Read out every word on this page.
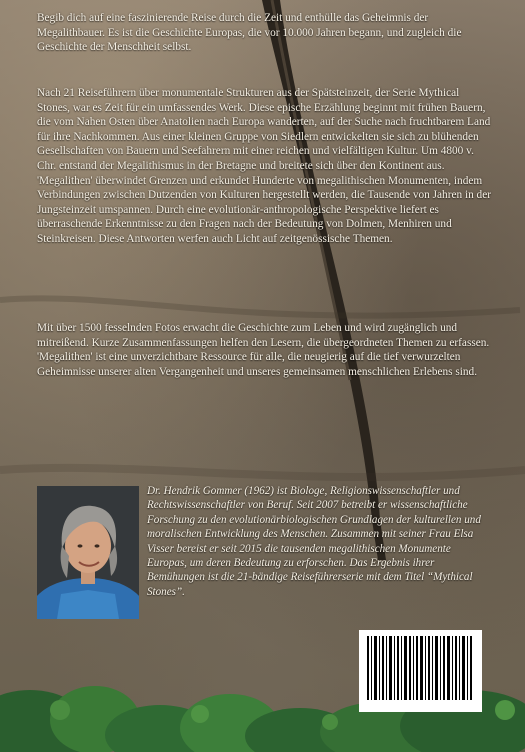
Begib dich auf eine faszinierende Reise durch die Zeit und enthülle das Geheimnis der Megalithbauer. Es ist die Geschichte Europas, die vor 10.000 Jahren begann, und zugleich die Geschichte der Menschheit selbst.

Nach 21 Reiseführern über monumentale Strukturen aus der Spätsteinzeit, der Serie Mythical Stones, war es Zeit für ein umfassendes Werk. Diese epische Erzählung beginnt mit frühen Bauern, die vom Nahen Osten über Anatolien nach Europa wanderten, auf der Suche nach fruchtbarem Land für ihre Nachkommen. Aus einer kleinen Gruppe von Siedlern entwickelten sie sich zu blühenden Gesellschaften von Bauern und Seefahrern mit einer reichen und vielfältigen Kultur. Um 4800 v. Chr. entstand der Megalithismus in der Bretagne und breitete sich über den Kontinent aus.

'Megalithen' überwindet Grenzen und erkundet Hunderte von megalithischen Monumenten, indem Verbindungen zwischen Dutzenden von Kulturen hergestellt werden, die Tausende von Jahren in der Jungsteinzeit umspannen. Durch eine evolutionär-anthropologische Perspektive liefert es überraschende Erkenntnisse zu den Fragen nach der Bedeutung von Dolmen, Menhiren und Steinkreisen. Diese Antworten werfen auch Licht auf zeitgenössische Themen.

Mit über 1500 fesselnden Fotos erwacht die Geschichte zum Leben und wird zugänglich und mitreißend. Kurze Zusammenfassungen helfen den Lesern, die übergeordneten Themen zu erfassen. 'Megalithen' ist eine unverzichtbare Ressource für alle, die neugierig auf die tief verwurzelten Geheimnisse unserer alten Vergangenheit und unseres gemeinsamen menschlichen Erlebens sind.

Dr. Hendrik Gommer (1962) ist Biologe, Religionswissenschaftler und Rechtswissenschaftler von Beruf. Seit 2007 betreibt er wissenschaftliche Forschung zu den evolutionärbiologischen Grundlagen der kulturellen und moralischen Entwicklung des Menschen. Zusammen mit seiner Frau Elsa Visser bereist er seit 2015 die tausenden megalithischen Monumente Europas, um deren Bedeutung zu erforschen. Das Ergebnis ihrer Bemühungen ist die 21-bändige Reiseführerserie mit dem Titel “Mythical Stones”.
